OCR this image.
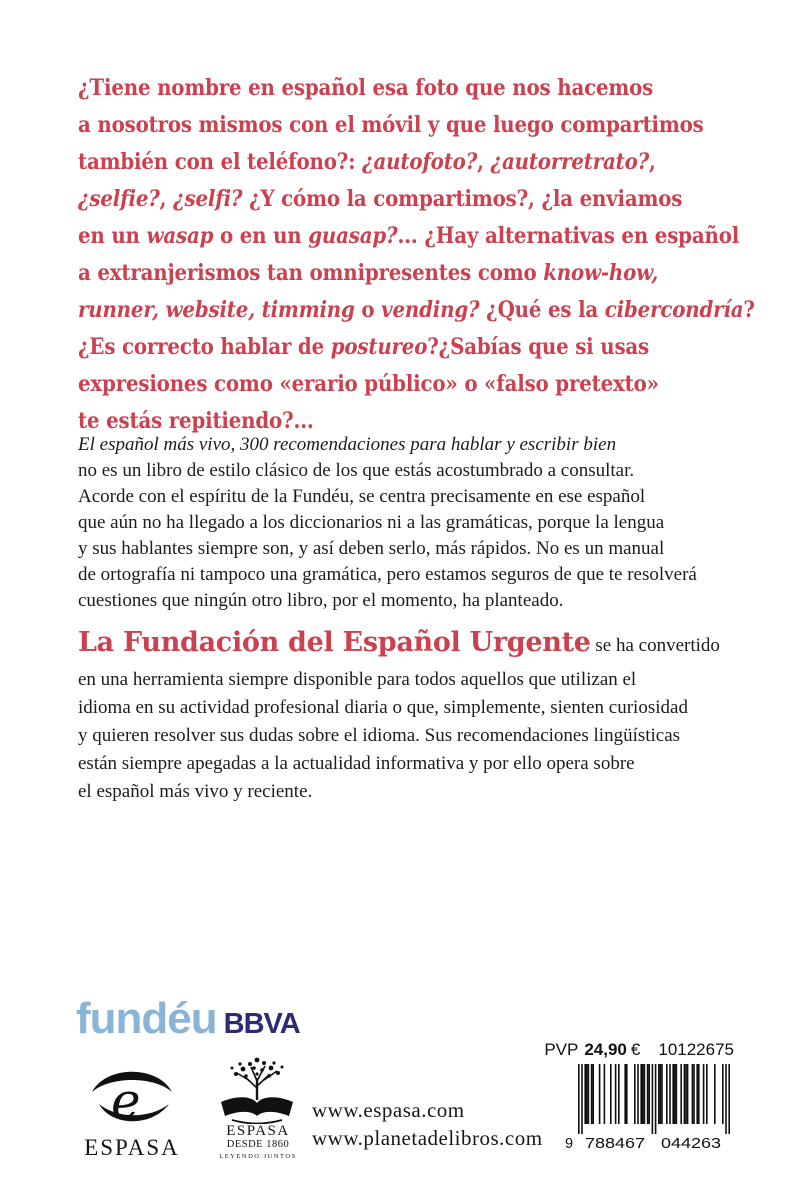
¿Tiene nombre en español esa foto que nos hacemos
a nosotros mismos con el móvil y que luego compartimos
también con el teléfono?: ¿autofoto?, ¿autorretrato?,
¿selfie?, ¿selfi? ¿Y cómo la compartimos?, ¿la enviamos
en un wasap o en un guasap?... ¿Hay alternativas en español
a extranjerismos tan omnipresentes como know-how,
runner, website, timming o vending? ¿Qué es la cibercondría?
¿Es correcto hablar de postureo?¿Sabías que si usas
expresiones como «erario público» o «falso pretexto»
te estás repitiendo?...
El español más vivo, 300 recomendaciones para hablar y escribir bien
no es un libro de estilo clásico de los que estás acostumbrado a consultar.
Acorde con el espíritu de la Fundéu, se centra precisamente en ese español
que aún no ha llegado a los diccionarios ni a las gramáticas, porque la lengua
y sus hablantes siempre son, y así deben serlo, más rápidos. No es un manual
de ortografía ni tampoco una gramática, pero estamos seguros de que te resolverá
cuestiones que ningún otro libro, por el momento, ha planteado.
La Fundación del Español Urgente se ha convertido
en una herramienta siempre disponible para todos aquellos que utilizan el
idioma en su actividad profesional diaria o que, simplemente, sienten curiosidad
y quieren resolver sus dudas sobre el idioma. Sus recomendaciones lingüísticas
están siempre apegadas a la actualidad informativa y por ello opera sobre
el español más vivo y reciente.
fundéu BBVA
e
ESPASA
ESPASA
DESDE 1860
LEYENDO JUNTOS
www.espasa.com
www.planetadelibros.com
PVP 24,90 € 10122675
9 788467 044263
